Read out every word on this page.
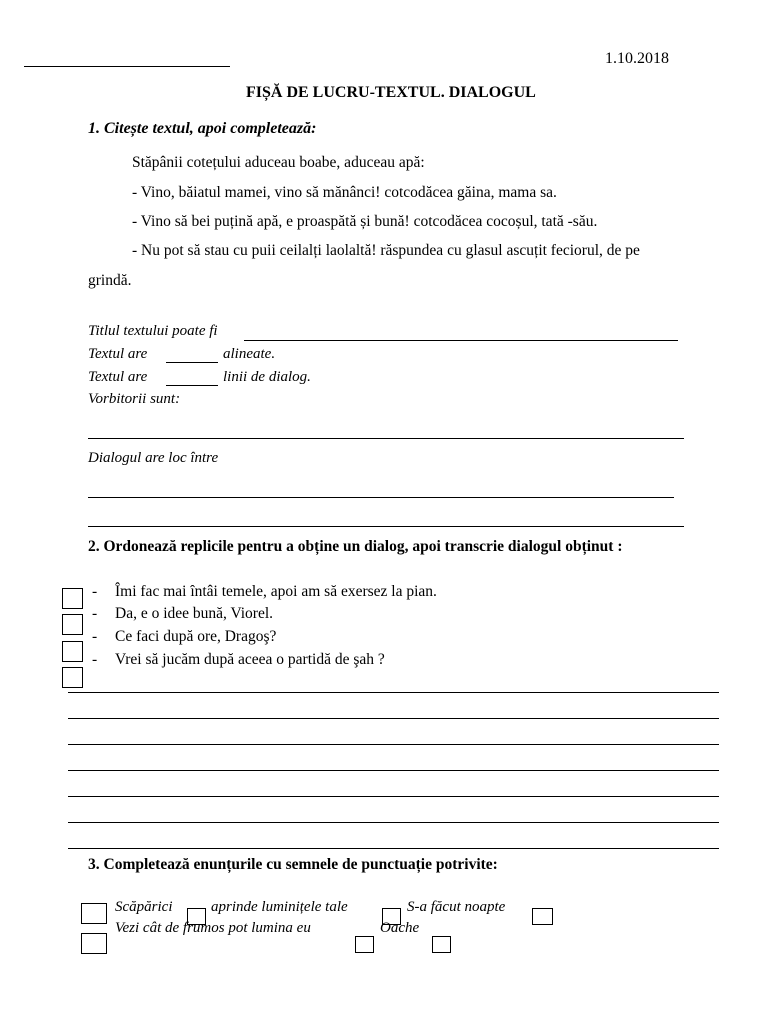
1.10.2018
FIȘĂ DE LUCRU-TEXTUL. DIALOGUL
1. Citește textul, apoi completează:
Stăpânii cotețului aduceau boabe, aduceau apă:
- Vino, băiatul mamei, vino să mănânci! cotcodăcea găina, mama sa.
- Vino să bei puțină apă, e proaspătă și bună! cotcodăcea cocoșul, tată -său.
- Nu pot să stau cu puii ceilalți laolaltă! răspundea cu glasul ascuțit feciorul, de pe
grindă.
Titlul textului poate fi
Textul are	alineate.
Textul are	linii de dialog.
Vorbitorii sunt:
Dialogul are loc între
2. Ordonează replicile pentru a obține un dialog, apoi transcrie dialogul obținut :
- Îmi fac mai întâi temele, apoi am să exersez la pian.
- Da, e o idee bună, Viorel.
- Ce faci după ore, Dragoş?
- Vrei să jucăm după aceea o partidă de şah ?
3. Completează enunțurile cu semnele de punctuație potrivite:
Scăpărici	aprinde luminițele tale	S-a făcut noapte
Vezi cât de frumos pot lumina eu	Oache
